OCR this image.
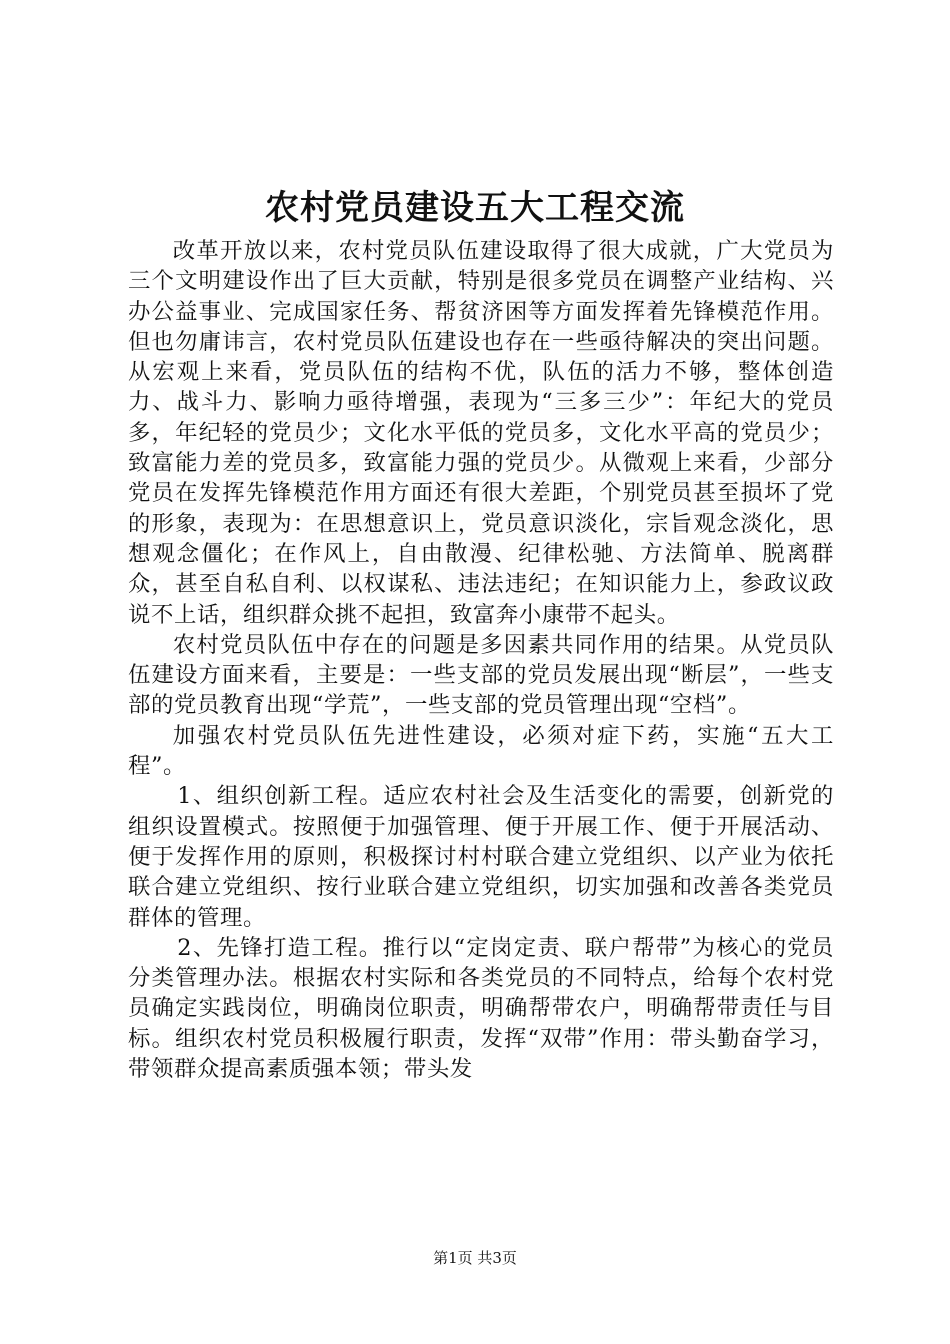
农村党员建设五大工程交流

改革开放以来，农村党员队伍建设取得了很大成就，广大党员为三个文明建设作出了巨大贡献，特别是很多党员在调整产业结构、兴办公益事业、完成国家任务、帮贫济困等方面发挥着先锋模范作用。但也勿庸讳言，农村党员队伍建设也存在一些亟待解决的突出问题。从宏观上来看，党员队伍的结构不优，队伍的活力不够，整体创造力、战斗力、影响力亟待增强，表现为“三多三少”：年纪大的党员多，年纪轻的党员少；文化水平低的党员多，文化水平高的党员少；致富能力差的党员多，致富能力强的党员少。从微观上来看，少部分党员在发挥先锋模范作用方面还有很大差距，个别党员甚至损坏了党的形象，表现为：在思想意识上，党员意识淡化，宗旨观念淡化，思想观念僵化；在作风上，自由散漫、纪律松驰、方法简单、脱离群众，甚至自私自利、以权谋私、违法违纪；在知识能力上，参政议政说不上话，组织群众挑不起担，致富奔小康带不起头。

农村党员队伍中存在的问题是多因素共同作用的结果。从党员队伍建设方面来看，主要是：一些支部的党员发展出现“断层”，一些支部的党员教育出现“学荒”，一些支部的党员管理出现“空档”。

加强农村党员队伍先进性建设，必须对症下药，实施“五大工程”。

1、组织创新工程。适应农村社会及生活变化的需要，创新党的组织设置模式。按照便于加强管理、便于开展工作、便于开展活动、便于发挥作用的原则，积极探讨村村联合建立党组织、以产业为依托联合建立党组织、按行业联合建立党组织，切实加强和改善各类党员群体的管理。

2、先锋打造工程。推行以“定岗定责、联户帮带”为核心的党员分类管理办法。根据农村实际和各类党员的不同特点，给每个农村党员确定实践岗位，明确岗位职责，明确帮带农户，明确帮带责任与目标。组织农村党员积极履行职责，发挥“双带”作用：带头勤奋学习，带领群众提高素质强本领；带头发

第1页 共3页
